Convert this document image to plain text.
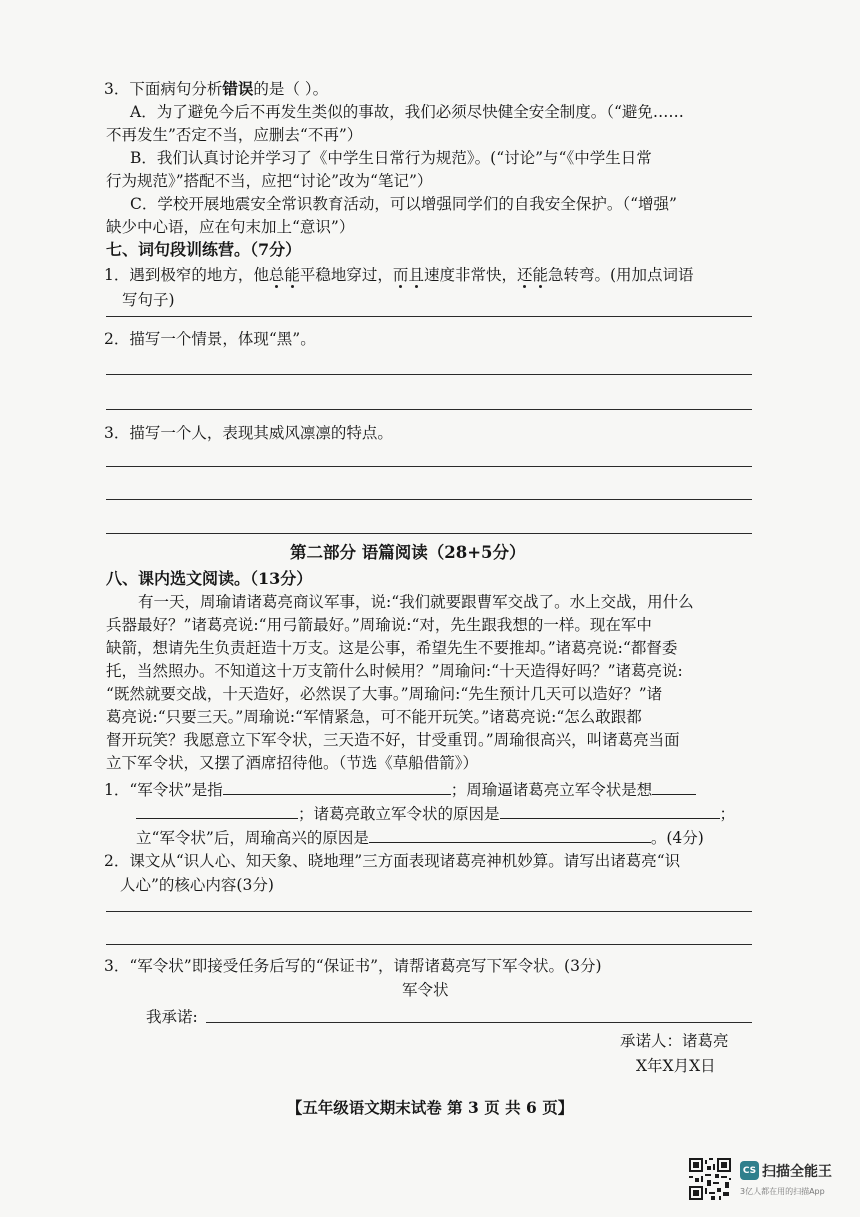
3．下面病句分析错误的是（ ）。
A．为了避免今后不再发生类似的事故，我们必须尽快健全安全制度。（“避免……
不再发生”否定不当，应删去“不再”）
B．我们认真讨论并学习了《中学生日常行为规范》。(“讨论”与“《中学生日常
行为规范》”搭配不当，应把“讨论”改为“笔记”）
C．学校开展地震安全常识教育活动，可以增强同学们的自我安全保护。（“增强”
缺少中心语，应在句末加上“意识”）
七、词句段训练营。（7分）
1．遇到极窄的地方，他总能平稳地穿过，而且速度非常快，还能急转弯。(用加点词语
写句子)
2．描写一个情景，体现“黑”。
3．描写一个人，表现其威风凛凛的特点。
第二部分 语篇阅读（28+5分）
八、课内选文阅读。（13分）
有一天，周瑜请诸葛亮商议军事，说:“我们就要跟曹军交战了。水上交战，用什么
兵器最好？”诸葛亮说:“用弓箭最好。”周瑜说:“对，先生跟我想的一样。现在军中
缺箭，想请先生负责赶造十万支。这是公事，希望先生不要推却。”诸葛亮说:“都督委
托，当然照办。不知道这十万支箭什么时候用？”周瑜问:“十天造得好吗？”诸葛亮说:
“既然就要交战，十天造好，必然误了大事。”周瑜问:“先生预计几天可以造好？”诸
葛亮说:“只要三天。”周瑜说:“军情紧急，可不能开玩笑。”诸葛亮说:“怎么敢跟都
督开玩笑？我愿意立下军令状，三天造不好，甘受重罚。”周瑜很高兴，叫诸葛亮当面
立下军令状，又摆了酒席招待他。（节选《草船借箭》）
1．“军令状”是指	；周瑜逼诸葛亮立军令状是想
；诸葛亮敢立军令状的原因是	；
立“军令状”后，周瑜高兴的原因是	。(4分)
2．课文从“识人心、知天象、晓地理”三方面表现诸葛亮神机妙算。请写出诸葛亮“识
人心”的核心内容(3分)
3．“军令状”即接受任务后写的“保证书”，请帮诸葛亮写下军令状。(3分)
军令状
我承诺:
承诺人：诸葛亮
X年X月X日
【五年级语文期末试卷 第 3 页 共 6 页】
CS 扫描全能王
3亿人都在用的扫描App
